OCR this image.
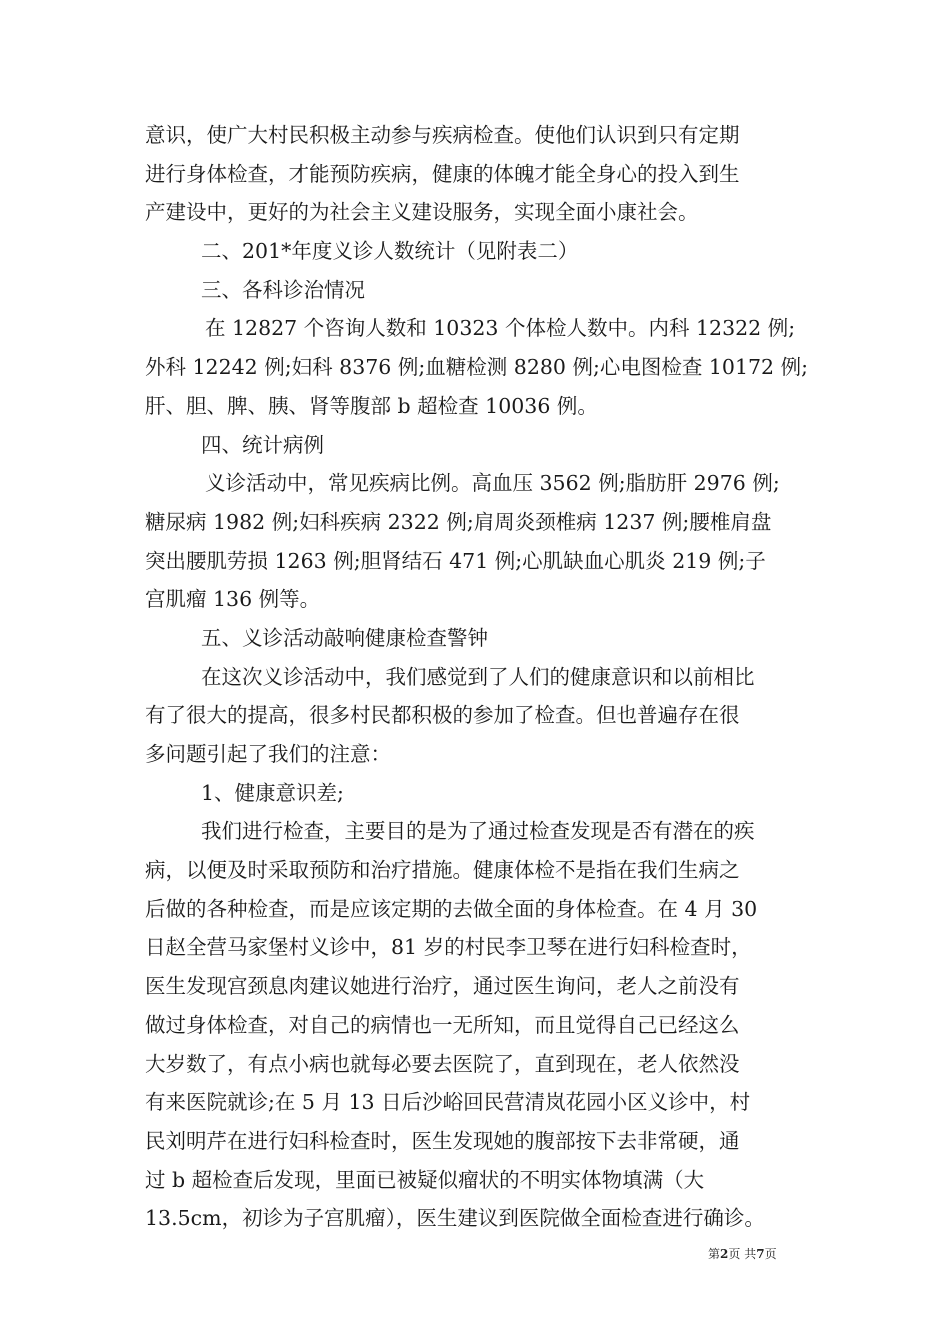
意识，使广大村民积极主动参与疾病检查。使他们认识到只有定期
进行身体检查，才能预防疾病，健康的体魄才能全身心的投入到生
产建设中，更好的为社会主义建设服务，实现全面小康社会。
二、201*年度义诊人数统计（见附表二）
三、各科诊治情况
在 12827 个咨询人数和 10323 个体检人数中。内科 12322 例;
外科 12242 例;妇科 8376 例;血糖检测 8280 例;心电图检查 10172 例;
肝、胆、脾、胰、肾等腹部 b 超检查 10036 例。
四、统计病例
义诊活动中，常见疾病比例。高血压 3562 例;脂肪肝 2976 例;
糖尿病 1982 例;妇科疾病 2322 例;肩周炎颈椎病 1237 例;腰椎肩盘
突出腰肌劳损 1263 例;胆肾结石 471 例;心肌缺血心肌炎 219 例;子
宫肌瘤 136 例等。
五、义诊活动敲响健康检查警钟
在这次义诊活动中，我们感觉到了人们的健康意识和以前相比
有了很大的提高，很多村民都积极的参加了检查。但也普遍存在很
多问题引起了我们的注意：
1、健康意识差;
我们进行检查，主要目的是为了通过检查发现是否有潜在的疾
病，以便及时采取预防和治疗措施。健康体检不是指在我们生病之
后做的各种检查，而是应该定期的去做全面的身体检查。在 4 月 30
日赵全营马家堡村义诊中，81 岁的村民李卫琴在进行妇科检查时，
医生发现宫颈息肉建议她进行治疗，通过医生询问，老人之前没有
做过身体检查，对自己的病情也一无所知，而且觉得自己已经这么
大岁数了，有点小病也就每必要去医院了，直到现在，老人依然没
有来医院就诊;在 5 月 13 日后沙峪回民营清岚花园小区义诊中，村
民刘明芹在进行妇科检查时，医生发现她的腹部按下去非常硬，通
过 b 超检查后发现，里面已被疑似瘤状的不明实体物填满（大
13.5cm，初诊为子宫肌瘤），医生建议到医院做全面检查进行确诊。
第2页 共7页
